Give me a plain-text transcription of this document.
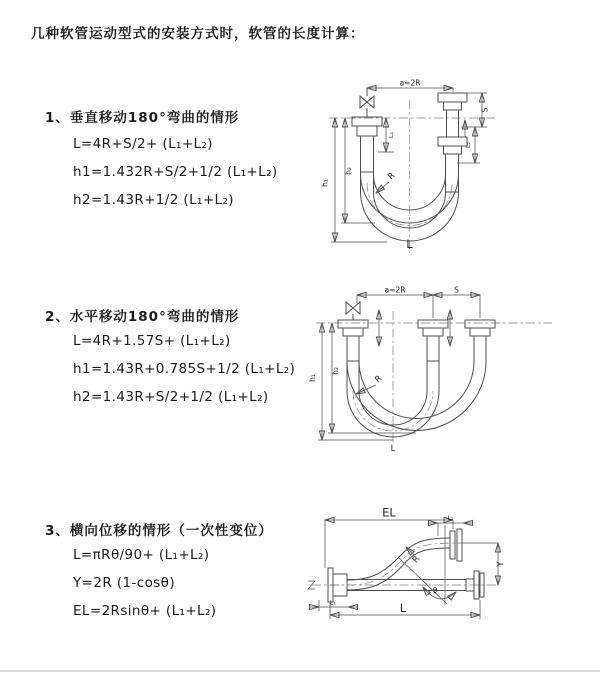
几种软管运动型式的安装方式时，软管的长度计算：
1、垂直移动180°弯曲的情形
L=4R+S/2+ (L₁+L₂)
h1=1.432R+S/2+1/2 (L₁+L₂)
h2=1.43R+1/2 (L₁+L₂)
2、水平移动180°弯曲的情形
L=4R+1.57S+ (L₁+L₂)
h1=1.43R+0.785S+1/2 (L₁+L₂)
h2=1.43R+S/2+1/2 (L₁+L₂)
3、横向位移的情形（一次性变位）
L=πRθ/90+ (L₁+L₂)
Y=2R (1-cosθ)
EL=2Rsinθ+ (L₁+L₂)
a=2R
h₁
h₂
L₁
S
L₂
R
L
a=2R	S
h₁
h₂
R
L
EL	L₁
Y
θ
R
L
L₁
